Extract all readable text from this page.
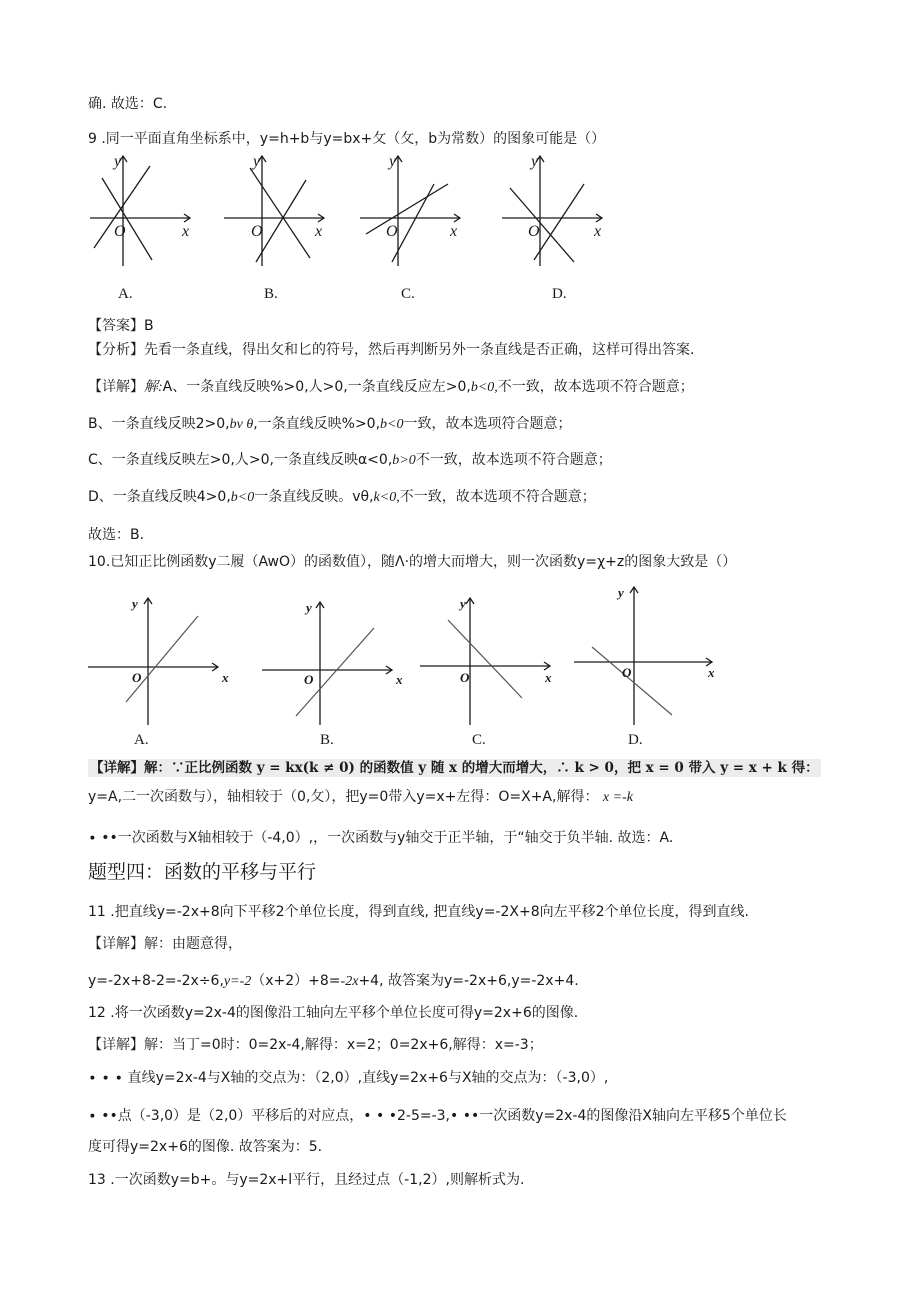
确. 故选：C.
9 .同一平面直角坐标系中，y=h+b与y=bx+攵（攵，b为常数）的图象可能是（）
y
x
O
A.
y
x
O
B.
y
x
O
C.
y
x
O
D.
【答案】B
【分析】先看一条直线，得出攵和匕的符号，然后再判断另外一条直线是否正确，这样可得出答案.
【详解】解:A、一条直线反映%>0,人>0,一条直线反应左>0,b<0,不一致，故本选项不符合题意；
B、一条直线反映2>0,bv θ,一条直线反映%>0,b<0一致，故本选项符合题意；
C、一条直线反映左>0,人>0,一条直线反映α<0,b>0不一致，故本选项不符合题意；
D、一条直线反映4>0,b<0一条直线反映。vθ,k<0,不一致，故本选项不符合题意；
故选：B.
10.已知正比例函数y二履（AwO）的函数值），随Λ·的增大而增大，则一次函数y=χ+z的图象大致是（）
y
x
O
A.
y
x
O
B.
y
x
O
C.
y
x
O
D.
【详解】解：∵正比例函数 y = kx(k ≠ 0) 的函数值 y 随 x 的增大而增大，∴ k > 0，把 x = 0 带入 y = x + k 得：
y=A,二一次函数与），轴相较于（0,攵），把y=0带入y=x+左得：O=X+A,解得： x =-k
∙ ••一次函数与X轴相较于（-4,0）,，一次函数与y轴交于正半轴，于“轴交于负半轴. 故选：A.
题型四：函数的平移与平行
11 .把直线y=-2x+8向下平移2个单位长度，得到直线, 把直线y=-2X+8向左平移2个单位长度，得到直线.
【详解】解：由题意得，
y=-2x+8-2=-2x÷6,y=-2（x+2）+8=-2x+4, 故答案为y=-2x+6,y=-2x+4.
12 .将一次函数y=2x-4的图像沿工轴向左平移个单位长度可得y=2x+6的图像.
【详解】解：当丁=0时：0=2x-4,解得：x=2；0=2x+6,解得：x=-3；
∙ ∙ ∙ 直线y=2x-4与X轴的交点为：（2,0）,直线y=2x+6与X轴的交点为：（-3,0）,
∙ ••点（-3,0）是（2,0）平移后的对应点，• • •2-5=-3,• ••一次函数y=2x-4的图像沿X轴向左平移5个单位长
度可得y=2x+6的图像. 故答案为：5.
13 .一次函数y=b+。与y=2x+l平行，且经过点（-1,2）,则解析式为.
